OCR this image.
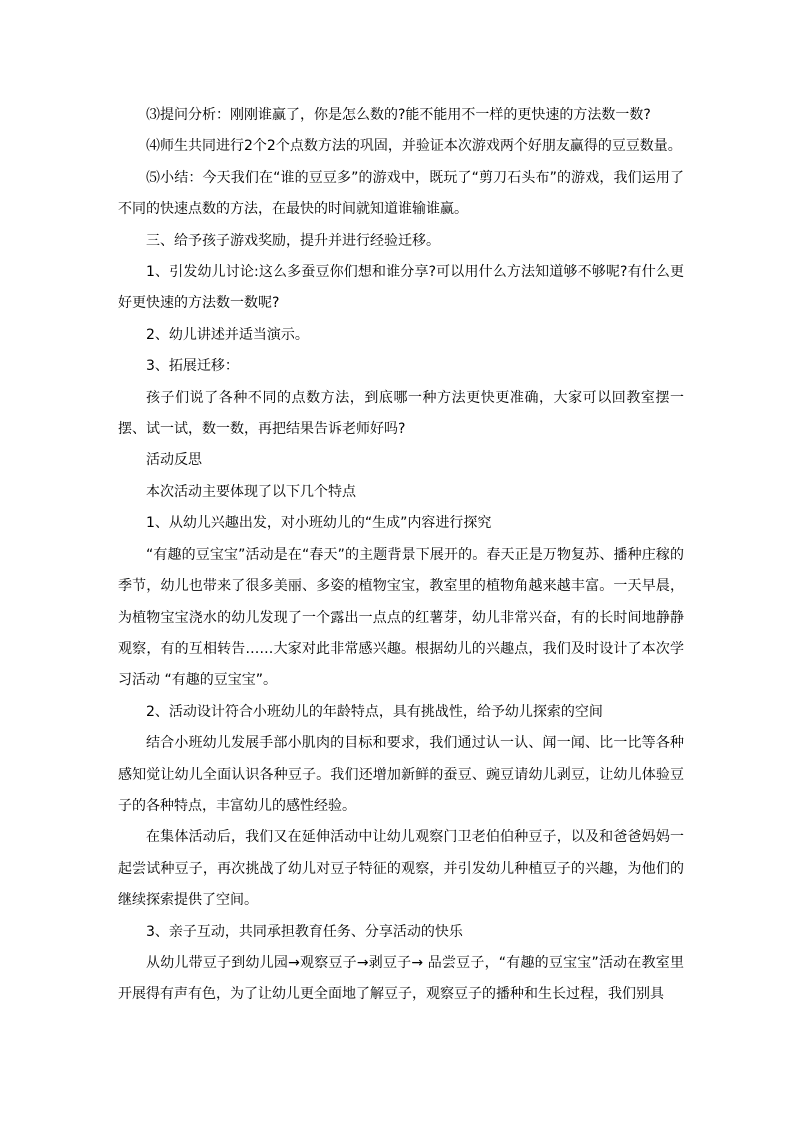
⑶提问分析：刚刚谁赢了，你是怎么数的?能不能用不一样的更快速的方法数一数?

⑷师生共同进行2个2个点数方法的巩固，并验证本次游戏两个好朋友赢得的豆豆数量。

⑸小结：今天我们在“谁的豆豆多”的游戏中，既玩了“剪刀石头布”的游戏，我们运用了不同的快速点数的方法，在最快的时间就知道谁输谁赢。

三、给予孩子游戏奖励，提升并进行经验迁移。

1、引发幼儿讨论:这么多蚕豆你们想和谁分享?可以用什么方法知道够不够呢?有什么更好更快速的方法数一数呢?

2、幼儿讲述并适当演示。

3、拓展迁移：

孩子们说了各种不同的点数方法，到底哪一种方法更快更准确，大家可以回教室摆一摆、试一试，数一数，再把结果告诉老师好吗?

活动反思

本次活动主要体现了以下几个特点

1、从幼儿兴趣出发，对小班幼儿的“生成”内容进行探究

“有趣的豆宝宝”活动是在“春天”的主题背景下展开的。春天正是万物复苏、播种庄稼的季节，幼儿也带来了很多美丽、多姿的植物宝宝，教室里的植物角越来越丰富。一天早晨，为植物宝宝浇水的幼儿发现了一个露出一点点的红薯芽，幼儿非常兴奋，有的长时间地静静观察，有的互相转告……大家对此非常感兴趣。根据幼儿的兴趣点，我们及时设计了本次学习活动 “有趣的豆宝宝”。

2、活动设计符合小班幼儿的年龄特点，具有挑战性，给予幼儿探索的空间

结合小班幼儿发展手部小肌肉的目标和要求，我们通过认一认、闻一闻、比一比等各种感知觉让幼儿全面认识各种豆子。我们还增加新鲜的蚕豆、豌豆请幼儿剥豆，让幼儿体验豆子的各种特点，丰富幼儿的感性经验。

在集体活动后，我们又在延伸活动中让幼儿观察门卫老伯伯种豆子，以及和爸爸妈妈一起尝试种豆子，再次挑战了幼儿对豆子特征的观察，并引发幼儿种植豆子的兴趣，为他们的继续探索提供了空间。

3、亲子互动，共同承担教育任务、分享活动的快乐

从幼儿带豆子到幼儿园→观察豆子→剥豆子→ 品尝豆子，“有趣的豆宝宝”活动在教室里开展得有声有色，为了让幼儿更全面地了解豆子，观察豆子的播种和生长过程，我们别具
